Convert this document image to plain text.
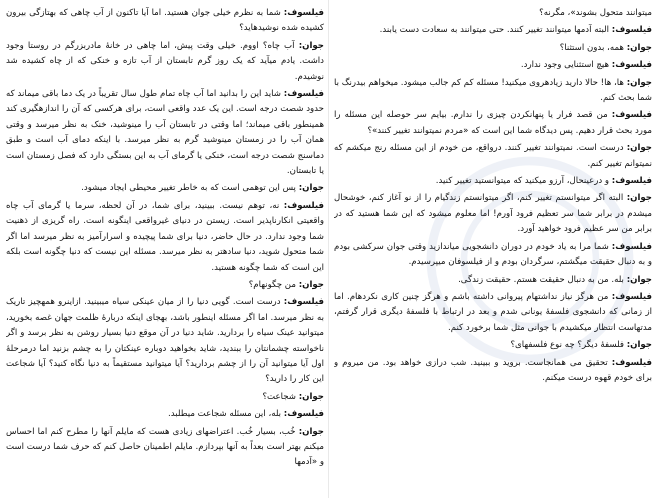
فیلسوف: شما به نظرم خیلی جوان هستید. اما آیا تاکنون از آب چاهی که بهتازگی بیرون کشیده شده نوشیدهاید؟
جوان: آب چاه؟ اووم. خیلی وقت پیش، اما چاهی در خانهٔ مادربزرگم در روستا وجود داشت. یادم میآید که یک روز گرم تابستان از آب تازه و خنکی که از چاه کشیده شد نوشیدم.
فیلسوف: شاید این را بدانید اما آب چاه تمام طول سال تقریباً در یک دما باقی میماند که حدود شصت درجه است. این یک عدد واقعی است، برای هرکسی که آن را اندازهگیری کند همینطور باقی میماند؛ اما وقتی در تابستان آب را مینوشید، خنک به نظر میرسد و وقتی همان آب را در زمستان مینوشید گرم به نظر میرسد. با اینکه دمای آب است و طبق دماسنج شصت درجه است، خنکی یا گرمای آب به این بستگی دارد که فصل زمستان است یا تابستان.
جوان: پس این توهمی است که به خاطر تغییر محیطی ایجاد میشود.
فیلسوف: نه، توهم نیست. ببینید، برای شما، در آن لحظه، سرما یا گرمای آب چاه واقعیتی انکارناپذیر است. زیستن در دنیای غیرواقعی اینگونه است. راه گریزی از ذهنیت شما وجود ندارد. در حال حاضر، دنیا برای شما پیچیده و اسرارآمیز به نظر میرسد اما اگر شما متحول شوید، دنیا سادهتر به نظر میرسد. مسئله این نیست که دنیا چگونه است بلکه این است که شما چگونه هستید.
جوان: من چگونهام؟
فیلسوف: درست است. گویی دنیا را از میان عینکی سیاه میبینید. ازاینرو همهچیز تاریک به نظر میرسد. اما اگر مسئله اینطور باشد، بهجای اینکه دربارهٔ ظلمت جهان غصه بخورید، میتوانید عینک سیاه را بردارید. شاید دنیا در آن موقع دنیا بسیار روشن به نظر برسد و اگر ناخواسته چشمانتان را ببندید، شاید بخواهید دوباره عینکتان را به چشم بزنید اما درمرحلهٔ اول آیا میتوانید آن را از چشم بردارید؟ آیا میتوانید مستقیماً به دنیا نگاه کنید؟ آیا شجاعت این کار را دارید؟
جوان: شجاعت؟
فیلسوف: بله، این مسئله شجاعت میطلبد.
جوان: خُب، بسیار خُب. اعتراضهای زیادی هست که مایلم آنها را مطرح کنم اما احساس میکنم بهتر است بعداً به آنها بپردازم. مایلم اطمینان حاصل کنم که حرف شما درست است و «آدمها
میتوانند متحول بشوند»، مگرنه؟
فیلسوف: البته آدمها میتوانند تغییر کنند. حتی میتوانند به سعادت دست یابند.
جوان: همه، بدون استثنا؟
فیلسوف: هیچ استثنایی وجود ندارد.
جوان: ها، ها! حالا دارید زیادهروی میکنید! مسئله کم کم جالب میشود. میخواهم بیدرنگ با شما بحث کنم.
فیلسوف: من قصد فرار یا پنهانکردن چیزی را ندارم. بیایم سر حوصله این مسئله را مورد بحث قرار دهیم. پس دیدگاه شما این است که «مردم نمیتوانند تغییر کنند»؟
جوان: درست است. نمیتوانند تغییر کنند. درواقع، من خودم از این مسئله رنج میکشم که نمیتوانم تغییر کنم.
فیلسوف: و درعینحال، آرزو میکنید که میتوانستید تغییر کنید.
جوان: البته اگر میتوانستم تغییر کنم، اگر میتوانستم زندگیام را از نو آغاز کنم، خوشحال میشدم در برابر شما سر تعظیم فرود آورم! اما معلوم میشود که این شما هستید که در برابر من سر عظیم فرود خواهید آورد.
فیلسوف: شما مرا به یاد خودم در دوران دانشجویی میاندازید وقتی جوان سرکشی بودم و به دنبال حقیقت میگشتم، سرگردان بودم و از فیلسوفان میپرسیدم.
جوان: بله. من به دنبال حقیقت هستم. حقیقت زندگی.
فیلسوف: من هرگز نیاز نداشتهام پیروانی داشته باشم و هرگز چنین کاری نکردهام. اما از زمانی که دانشجوی فلسفهٔ یونانی شدم و بعد در ارتباط با فلسفهٔ دیگری قرار گرفتم، مدتهاست انتظار میکشیدم با جوانی مثل شما برخورد کنم.
جوان: فلسفهٔ دیگر؟ چه نوع فلسفهای؟
فیلسوف: تحقیق می همانجاست. بروید و ببینید. شب درازی خواهد بود. من میروم و برای خودم قهوه درست میکنم.
